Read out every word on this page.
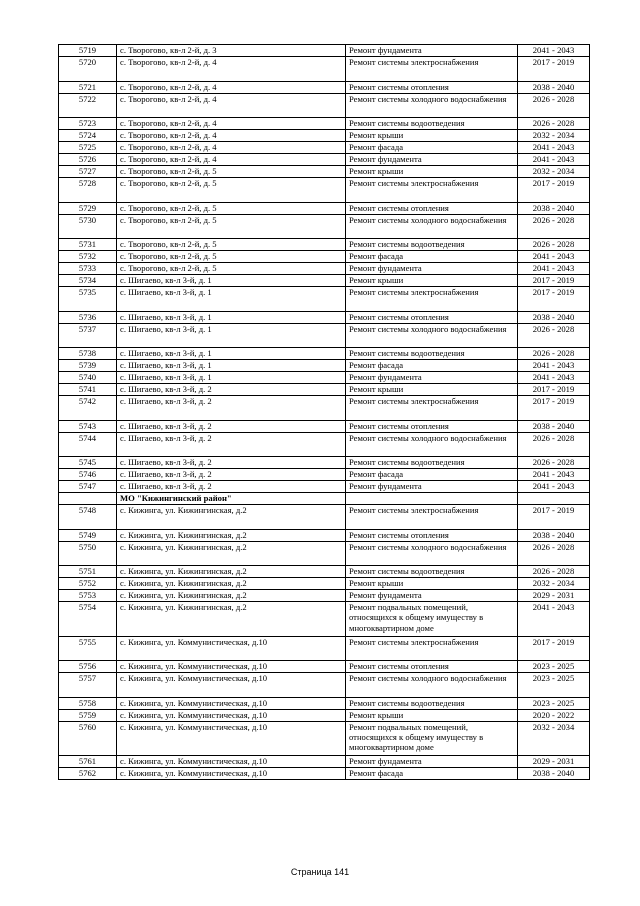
5719	с. Творогово, кв-л 2-й, д. 3	Ремонт фундамента	2041 - 2043
5720	с. Творогово, кв-л 2-й, д. 4	Ремонт системы электроснабжения	2017 - 2019
5721	с. Творогово, кв-л 2-й, д. 4	Ремонт системы отопления	2038 - 2040
5722	с. Творогово, кв-л 2-й, д. 4	Ремонт системы холодного водоснабжения	2026 - 2028
5723	с. Творогово, кв-л 2-й, д. 4	Ремонт системы водоотведения	2026 - 2028
5724	с. Творогово, кв-л 2-й, д. 4	Ремонт крыши	2032 - 2034
5725	с. Творогово, кв-л 2-й, д. 4	Ремонт фасада	2041 - 2043
5726	с. Творогово, кв-л 2-й, д. 4	Ремонт фундамента	2041 - 2043
5727	с. Творогово, кв-л 2-й, д. 5	Ремонт крыши	2032 - 2034
5728	с. Творогово, кв-л 2-й, д. 5	Ремонт системы электроснабжения	2017 - 2019
5729	с. Творогово, кв-л 2-й, д. 5	Ремонт системы отопления	2038 - 2040
5730	с. Творогово, кв-л 2-й, д. 5	Ремонт системы холодного водоснабжения	2026 - 2028
5731	с. Творогово, кв-л 2-й, д. 5	Ремонт системы водоотведения	2026 - 2028
5732	с. Творогово, кв-л 2-й, д. 5	Ремонт фасада	2041 - 2043
5733	с. Творогово, кв-л 2-й, д. 5	Ремонт фундамента	2041 - 2043
5734	с. Шигаево, кв-л 3-й, д. 1	Ремонт крыши	2017 - 2019
5735	с. Шигаево, кв-л 3-й, д. 1	Ремонт системы электроснабжения	2017 - 2019
5736	с. Шигаево, кв-л 3-й, д. 1	Ремонт системы отопления	2038 - 2040
5737	с. Шигаево, кв-л 3-й, д. 1	Ремонт системы холодного водоснабжения	2026 - 2028
5738	с. Шигаево, кв-л 3-й, д. 1	Ремонт системы водоотведения	2026 - 2028
5739	с. Шигаево, кв-л 3-й, д. 1	Ремонт фасада	2041 - 2043
5740	с. Шигаево, кв-л 3-й, д. 1	Ремонт фундамента	2041 - 2043
5741	с. Шигаево, кв-л 3-й, д. 2	Ремонт крыши	2017 - 2019
5742	с. Шигаево, кв-л 3-й, д. 2	Ремонт системы электроснабжения	2017 - 2019
5743	с. Шигаево, кв-л 3-й, д. 2	Ремонт системы отопления	2038 - 2040
5744	с. Шигаево, кв-л 3-й, д. 2	Ремонт системы холодного водоснабжения	2026 - 2028
5745	с. Шигаево, кв-л 3-й, д. 2	Ремонт системы водоотведения	2026 - 2028
5746	с. Шигаево, кв-л 3-й, д. 2	Ремонт фасада	2041 - 2043
5747	с. Шигаево, кв-л 3-й, д. 2	Ремонт фундамента	2041 - 2043
	МО "Кижингинский район"		
5748	с. Кижинга, ул. Кижингинская, д.2	Ремонт системы электроснабжения	2017 - 2019
5749	с. Кижинга, ул. Кижингинская, д.2	Ремонт системы отопления	2038 - 2040
5750	с. Кижинга, ул. Кижингинская, д.2	Ремонт системы холодного водоснабжения	2026 - 2028
5751	с. Кижинга, ул. Кижингинская, д.2	Ремонт системы водоотведения	2026 - 2028
5752	с. Кижинга, ул. Кижингинская, д.2	Ремонт крыши	2032 - 2034
5753	с. Кижинга, ул. Кижингинская, д.2	Ремонт фундамента	2029 - 2031
5754	с. Кижинга, ул. Кижингинская, д.2	Ремонт подвальных помещений, относящихся к общему имуществу в многоквартирном доме	2041 - 2043
5755	с. Кижинга, ул. Коммунистическая, д.10	Ремонт системы электроснабжения	2017 - 2019
5756	с. Кижинга, ул. Коммунистическая, д.10	Ремонт системы отопления	2023 - 2025
5757	с. Кижинга, ул. Коммунистическая, д.10	Ремонт системы холодного водоснабжения	2023 - 2025
5758	с. Кижинга, ул. Коммунистическая, д.10	Ремонт системы водоотведения	2023 - 2025
5759	с. Кижинга, ул. Коммунистическая, д.10	Ремонт крыши	2020 - 2022
5760	с. Кижинга, ул. Коммунистическая, д.10	Ремонт подвальных помещений, относящихся к общему имуществу в многоквартирном доме	2032 - 2034
5761	с. Кижинга, ул. Коммунистическая, д.10	Ремонт фундамента	2029 - 2031
5762	с. Кижинга, ул. Коммунистическая, д.10	Ремонт фасада	2038 - 2040
Страница 141
